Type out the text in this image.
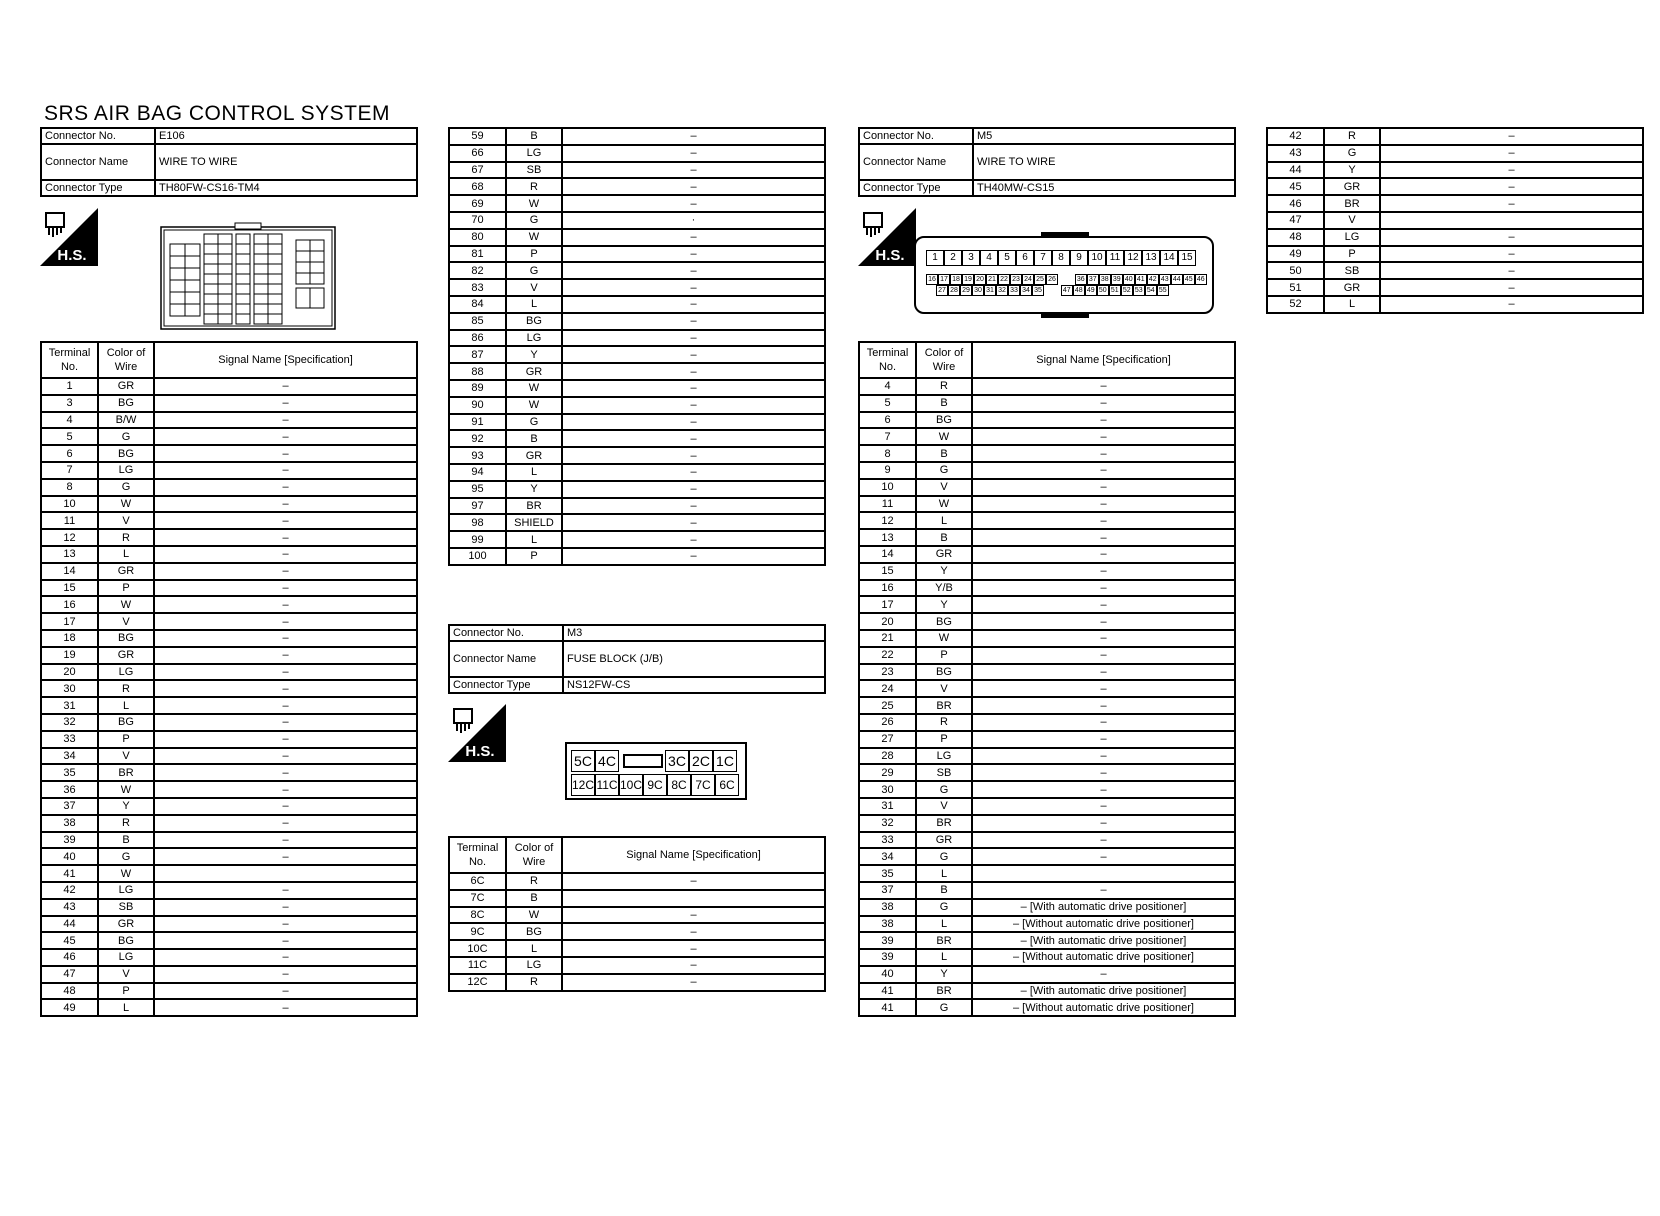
SRS AIR BAG CONTROL SYSTEM
Connector No.	E106
Connector Name	WIRE TO WIRE
Connector Type	TH80FW-CS16-TM4
H.S.
Terminal No.	Color of Wire	Signal Name [Specification]
1	GR	–
3	BG	–
4	B/W	–
5	G	–
6	BG	–
7	LG	–
8	G	–
10	W	–
11	V	–
12	R	–
13	L	–
14	GR	–
15	P	–
16	W	–
17	V	–
18	BG	–
19	GR	–
20	LG	–
30	R	–
31	L	–
32	BG	–
33	P	–
34	V	–
35	BR	–
36	W	–
37	Y	–
38	R	–
39	B	–
40	G	–
41	W	
42	LG	–
43	SB	–
44	GR	–
45	BG	–
46	LG	–
47	V	–
48	P	–
49	L	–
59	B	–
66	LG	–
67	SB	–
68	R	–
69	W	–
70	G	·
80	W	–
81	P	–
82	G	–
83	V	–
84	L	–
85	BG	–
86	LG	–
87	Y	–
88	GR	–
89	W	–
90	W	–
91	G	–
92	B	–
93	GR	–
94	L	–
95	Y	–
97	BR	–
98	SHIELD	–
99	L	–
100	P	–
Connector No.	M3
Connector Name	FUSE BLOCK (J/B)
Connector Type	NS12FW-CS
H.S.
5C 4C	3C 2C 1C
12C 11C 10C 9C 8C 7C 6C
Terminal No.	Color of Wire	Signal Name [Specification]
6C	R	–
7C	B	
8C	W	–
9C	BG	–
10C	L	–
11C	LG	–
12C	R	–
Connector No.	M5
Connector Name	WIRE TO WIRE
Connector Type	TH40MW-CS15
H.S.	1	2	3	4	5	6	7	8	9 10 11 12 13 14 15
16 17 18 19 20 21 22 23 24 25 26	36 37 38 39 40 41 42 43 44 45 46
27 28 29 30 31 32 33 34 35	47 48 49 50 51 52 53 54 55
Terminal No.	Color of Wire	Signal Name [Specification]
4	R	–
5	B	–
6	BG	–
7	W	–
8	B	–
9	G	–
10	V	–
11	W	–
12	L	–
13	B	–
14	GR	–
15	Y	–
16	Y/B	–
17	Y	–
20	BG	–
21	W	–
22	P	–
23	BG	–
24	V	–
25	BR	–
26	R	–
27	P	–
28	LG	–
29	SB	–
30	G	–
31	V	–
32	BR	–
33	GR	–
34	G	–
35	L	
37	B	–
38	G	– [With automatic drive positioner]
38	L	– [Without automatic drive positioner]
39	BR	– [With automatic drive positioner]
39	L	– [Without automatic drive positioner]
40	Y	–
41	BR	– [With automatic drive positioner]
41	G	– [Without automatic drive positioner]
42	R	–
43	G	–
44	Y	–
45	GR	–
46	BR	–
47	V	
48	LG	–
49	P	–
50	SB	–
51	GR	–
52	L	–
